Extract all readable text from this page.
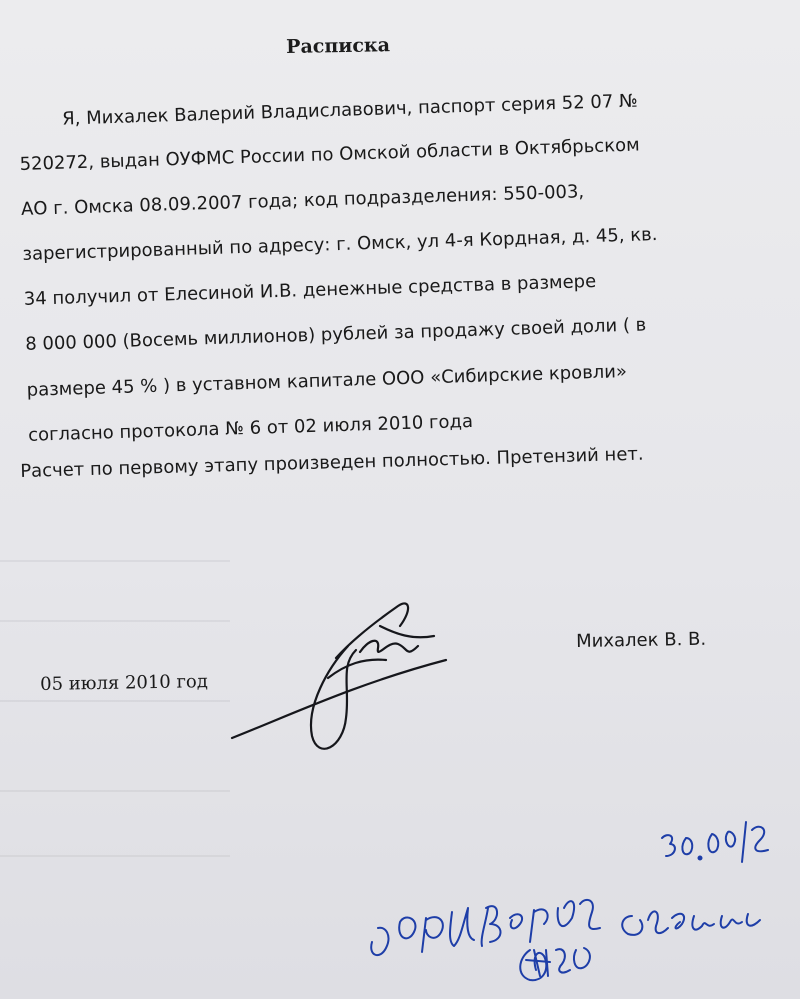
Расписка
Я, Михалек Валерий Владиславович, паспорт серия 52 07 №
520272, выдан ОУФМС России по Омской области в Октябрьском
АО г. Омска 08.09.2007 года; код подразделения: 550-003,
зарегистрированный по адресу: г. Омск, ул 4-я Кордная, д. 45, кв.
34 получил от Елесиной И.В. денежные средства в размере
8 000 000 (Восемь миллионов) рублей за продажу своей доли ( в
размере 45 % ) в уставном капитале ООО «Сибирские кровли»
согласно протокола № 6 от 02 июля 2010 года
Расчет по первому этапу произведен полностью. Претензий нет.
Михалек В. В.
05 июля 2010 год
